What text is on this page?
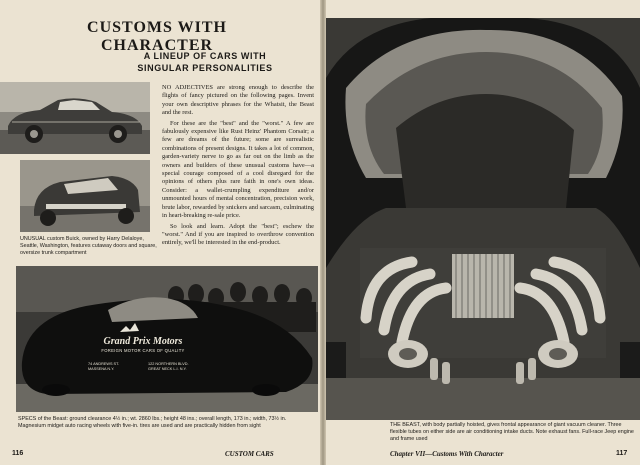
CUSTOMS WITH CHARACTER
A LINEUP OF CARS WITH SINGULAR PERSONALITIES
UNUSUAL custom Buick, owned by Harry Delaloye, Seattle, Washington, features cutaway doors and square, oversize trunk compartment

NO ADJECTIVES are strong enough to describe the flights of fancy pictured on the following pages. Invent your own descriptive phrases for the Whatsit, the Beast and the rest.

For these are the "best" and the "worst." A few are fabulously expensive like Rust Heinz' Phantom Corsair; a few are dreams of the future; some are surrealistic combinations of present designs. It takes a lot of common, garden-variety nerve to go as far out on the limb as the owners and builders of these unusual customs have—a special courage composed of a cool disregard for the opinions of others plus rare faith in one's own ideas. Consider: a wallet-crumpling expenditure and/or unmounted hours of mental concentration, precision work, brute labor, rewarded by snickers and sarcasm, culminating in heart-breaking re-sale price.

So look and learn. Adopt the "best"; eschew the "worst." And if you are inspired to overthrow convention entirely, we'll be interested in the end-product.

Grand Prix Motors
FOREIGN MOTOR CARS OF QUALITY
74 ANDREWS ST. MASSENA N.Y.
122 NORTHERN BLVD. GREAT NECK L.I. N.Y.
SPECS of the Beast: ground clearance 4½ in.; wt. 2860 lbs.; height 48 ins.; overall length, 173 in.; width, 73½ in. Magnesium midget auto racing wheels with five-in. tires are used and are practically hidden from sight
116	CUSTOM CARS
THE BEAST, with body partially hoisted, gives frontal appearance of giant vacuum cleaner. Three flexible tubes on either side are air conditioning intake ducts. Note exhaust fans. Full-race Jeep engine and frame used
Chapter VII—Customs With Character	117
